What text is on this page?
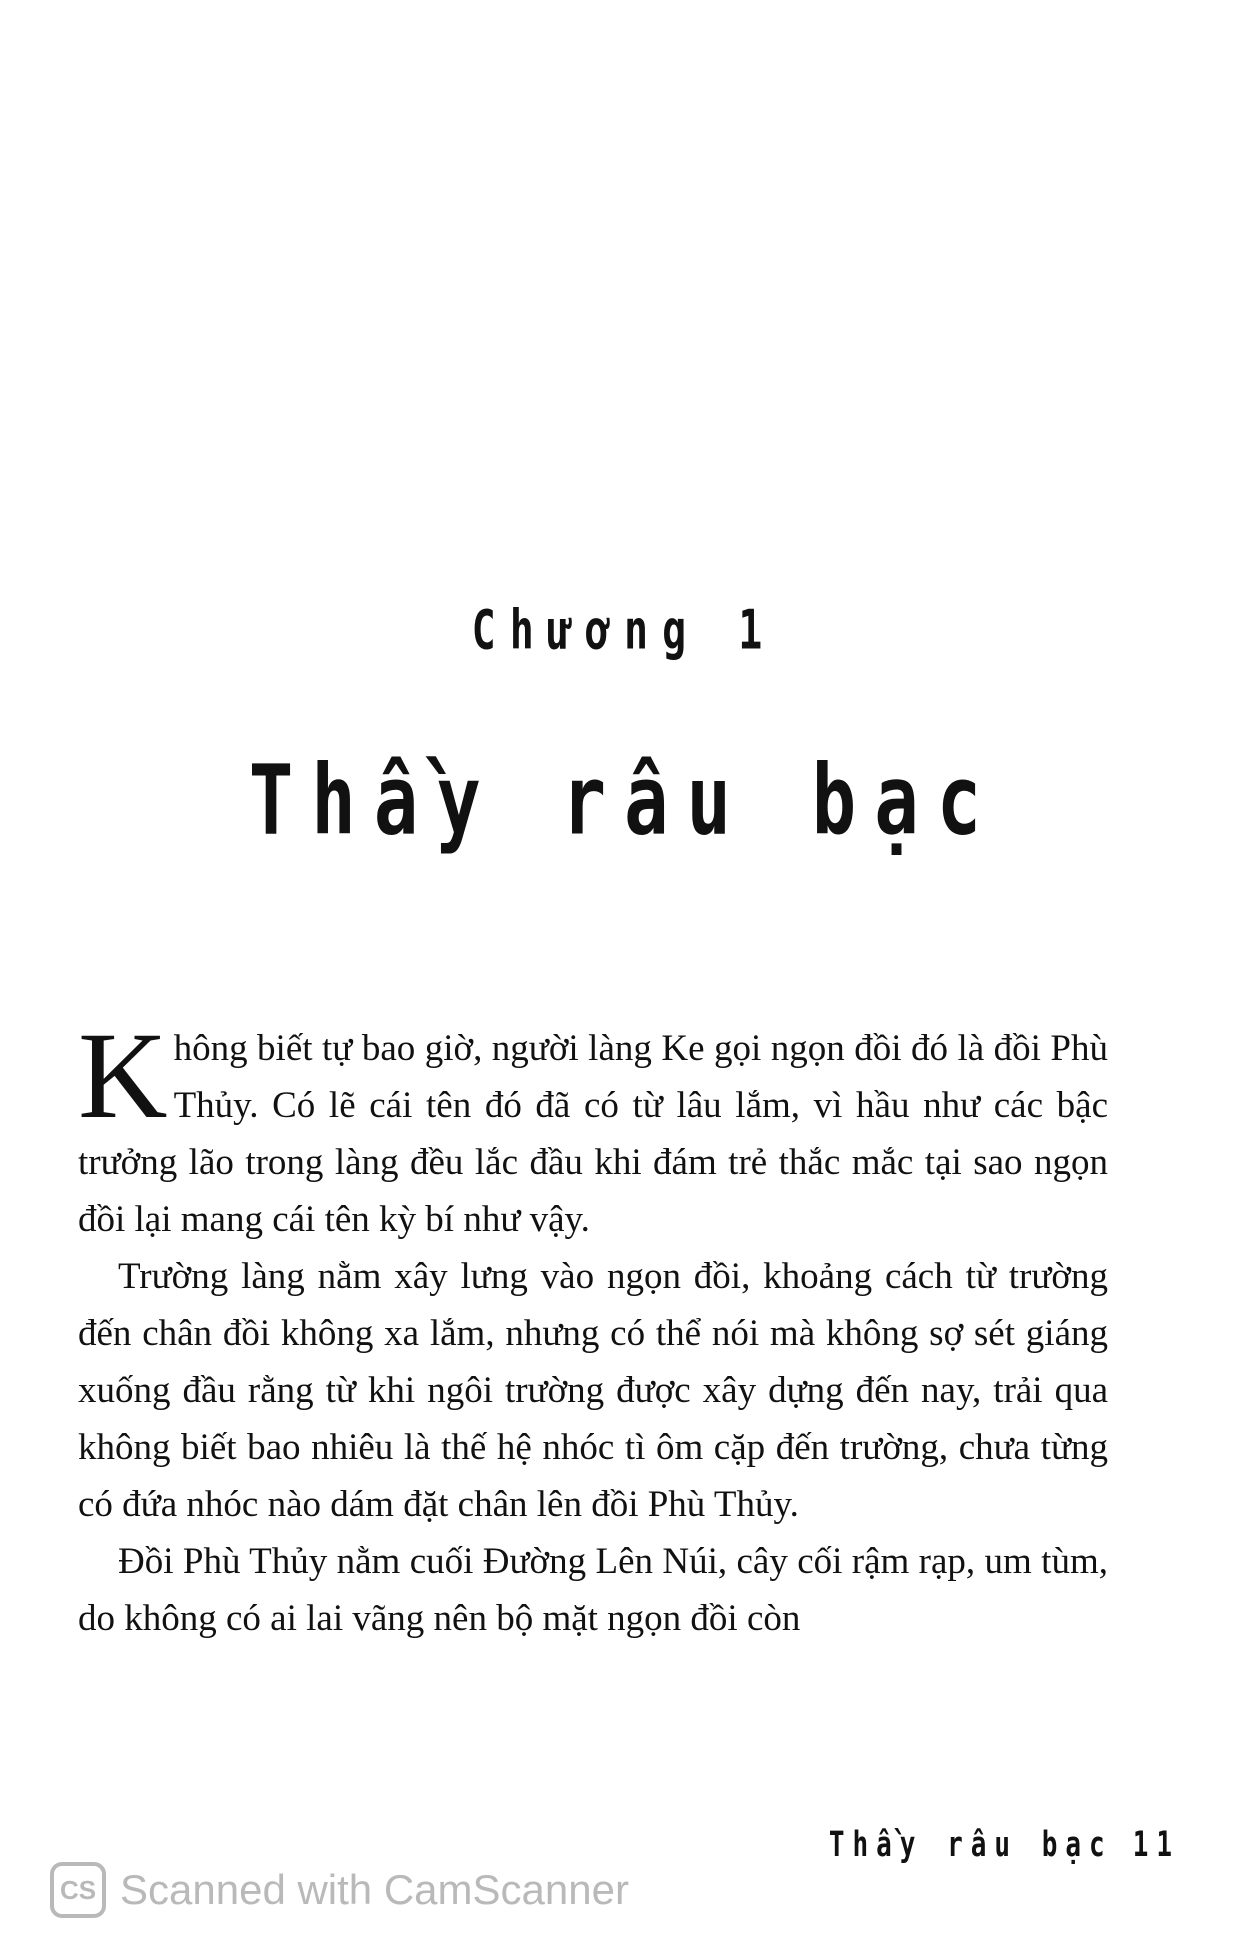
Chương 1
Thầy râu bạc

Không biết tự bao giờ, người làng Ke gọi ngọn đồi đó là đồi Phù Thủy. Có lẽ cái tên đó đã có từ lâu lắm, vì hầu như các bậc trưởng lão trong làng đều lắc đầu khi đám trẻ thắc mắc tại sao ngọn đồi lại mang cái tên kỳ bí như vậy.

Trường làng nằm xây lưng vào ngọn đồi, khoảng cách từ trường đến chân đồi không xa lắm, nhưng có thể nói mà không sợ sét giáng xuống đầu rằng từ khi ngôi trường được xây dựng đến nay, trải qua không biết bao nhiêu là thế hệ nhóc tì ôm cặp đến trường, chưa từng có đứa nhóc nào dám đặt chân lên đồi Phù Thủy.

Đồi Phù Thủy nằm cuối Đường Lên Núi, cây cối rậm rạp, um tùm, do không có ai lai vãng nên bộ mặt ngọn đồi còn

Thầy râu bạc 11
CS Scanned with CamScanner
